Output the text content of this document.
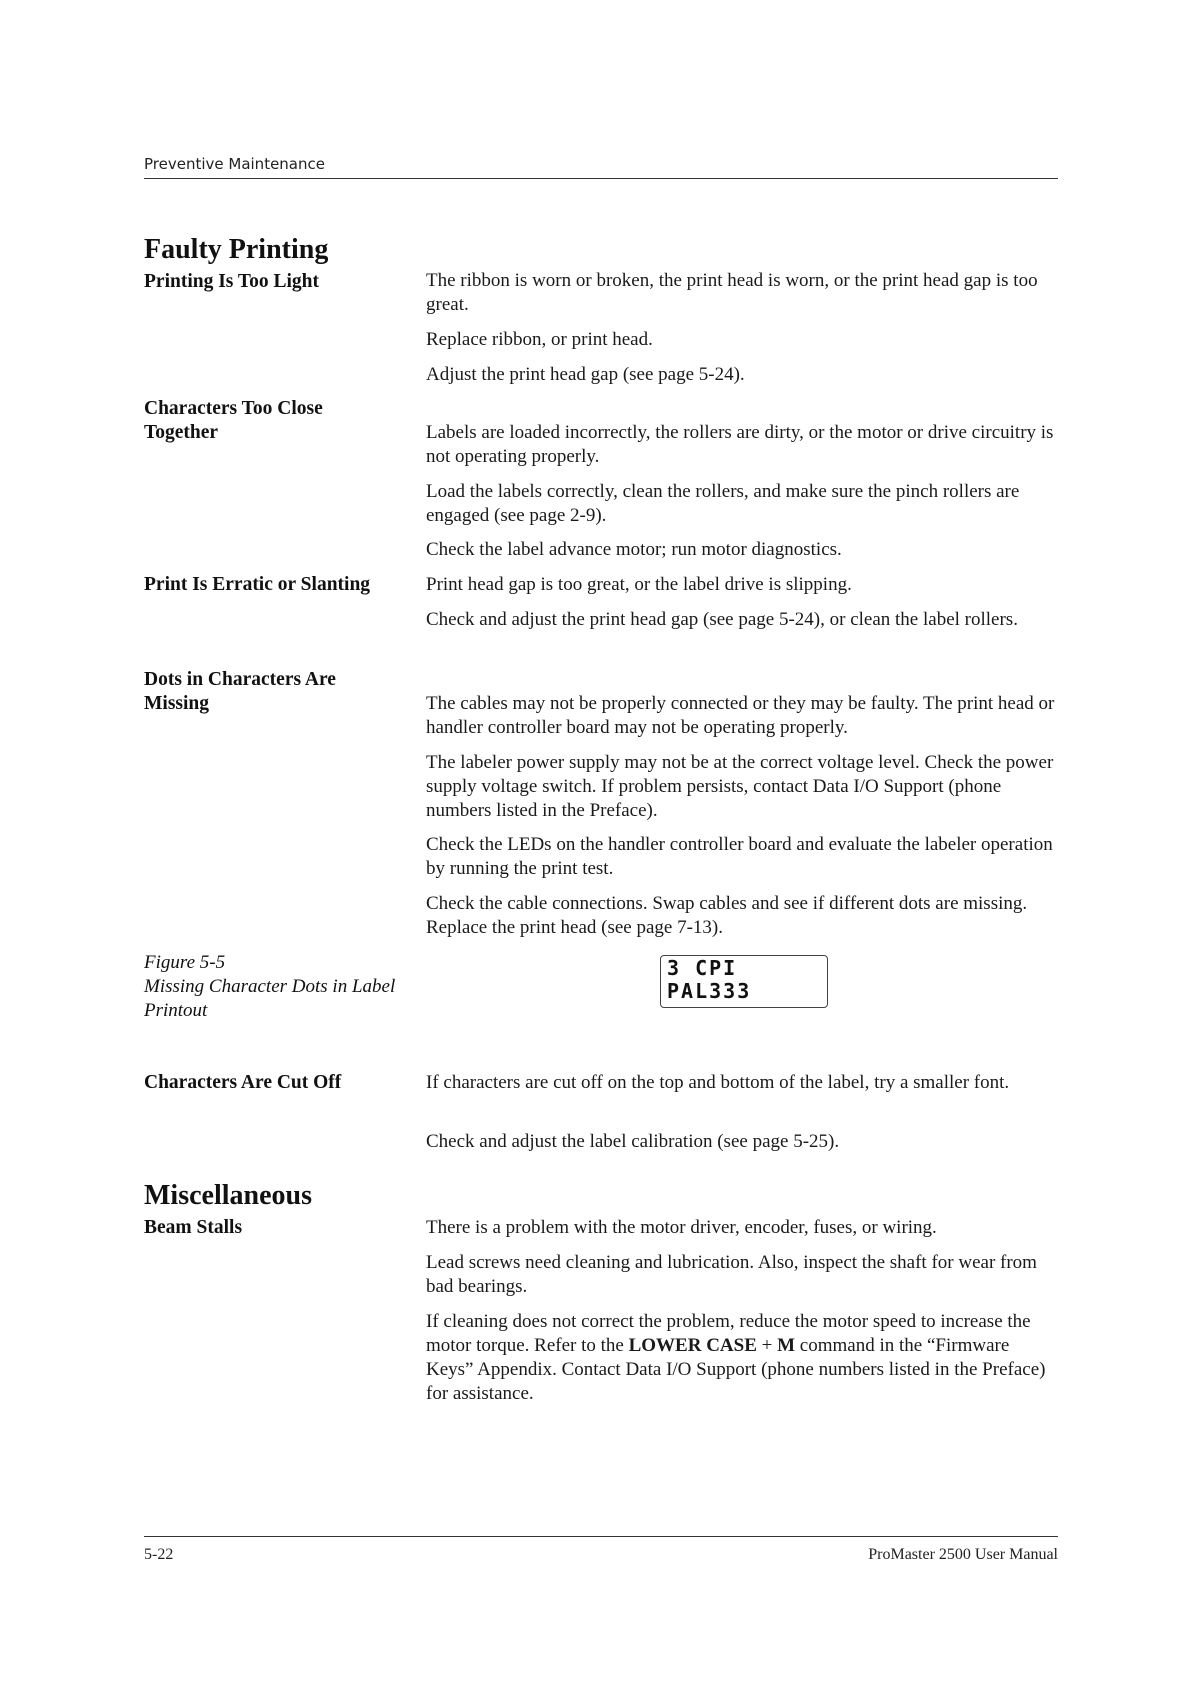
Preventive Maintenance
Faulty Printing
Printing Is Too Light	The ribbon is worn or broken, the print head is worn, or the print head gap is too great.
Replace ribbon, or print head.
Adjust the print head gap (see page 5-24).
Characters Too Close Together	Labels are loaded incorrectly, the rollers are dirty, or the motor or drive circuitry is not operating properly.
Load the labels correctly, clean the rollers, and make sure the pinch rollers are engaged (see page 2-9).
Check the label advance motor; run motor diagnostics.
Print Is Erratic or Slanting	Print head gap is too great, or the label drive is slipping.
Check and adjust the print head gap (see page 5-24), or clean the label rollers.
Dots in Characters Are Missing	The cables may not be properly connected or they may be faulty. The print head or handler controller board may not be operating properly.
The labeler power supply may not be at the correct voltage level. Check the power supply voltage switch. If problem persists, contact Data I/O Support (phone numbers listed in the Preface).
Check the LEDs on the handler controller board and evaluate the labeler operation by running the print test.
Check the cable connections. Swap cables and see if different dots are missing. Replace the print head (see page 7-13).
Figure 5-5
Missing Character Dots in Label Printout
3 CPI
PAL333
Characters Are Cut Off	If characters are cut off on the top and bottom of the label, try a smaller font.
Check and adjust the label calibration (see page 5-25).
Miscellaneous
Beam Stalls	There is a problem with the motor driver, encoder, fuses, or wiring.
Lead screws need cleaning and lubrication. Also, inspect the shaft for wear from bad bearings.
If cleaning does not correct the problem, reduce the motor speed to increase the motor torque. Refer to the LOWER CASE + M command in the “Firmware Keys” Appendix. Contact Data I/O Support (phone numbers listed in the Preface) for assistance.
5-22	ProMaster 2500 User Manual
